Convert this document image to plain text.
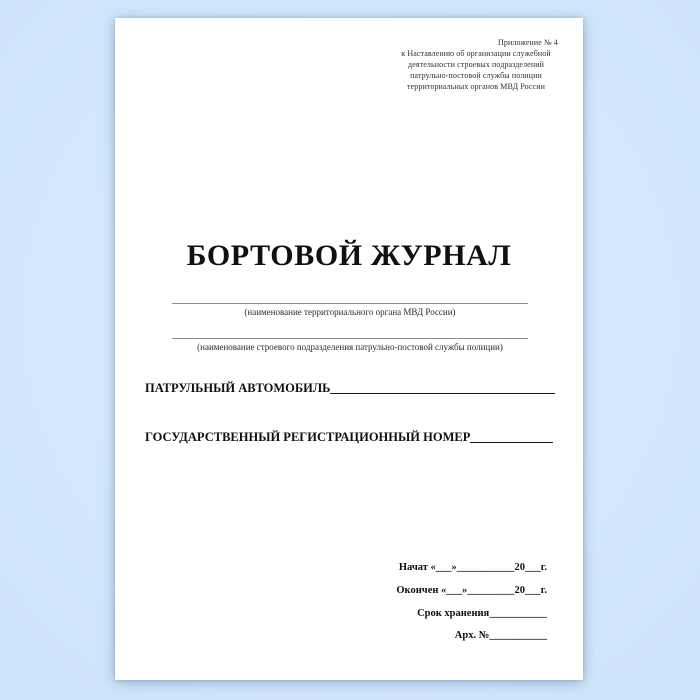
Приложение № 4
к Наставлению об организации служебной
деятельности строевых подразделений
патрульно-постовой службы полиции
территориальных органов МВД России
БОРТОВОЙ ЖУРНАЛ
(наименование территориального органа МВД России)
(наименование строевого подразделения патрульно-постовой службы полиции)
ПАТРУЛЬНЫЙ АВТОМОБИЛЬ
ГОСУДАРСТВЕННЫЙ РЕГИСТРАЦИОННЫЙ НОМЕР
Начат «___»___________20___г.
Окончен «___»_________20___г.
Срок хранения___________
Арх. №___________
